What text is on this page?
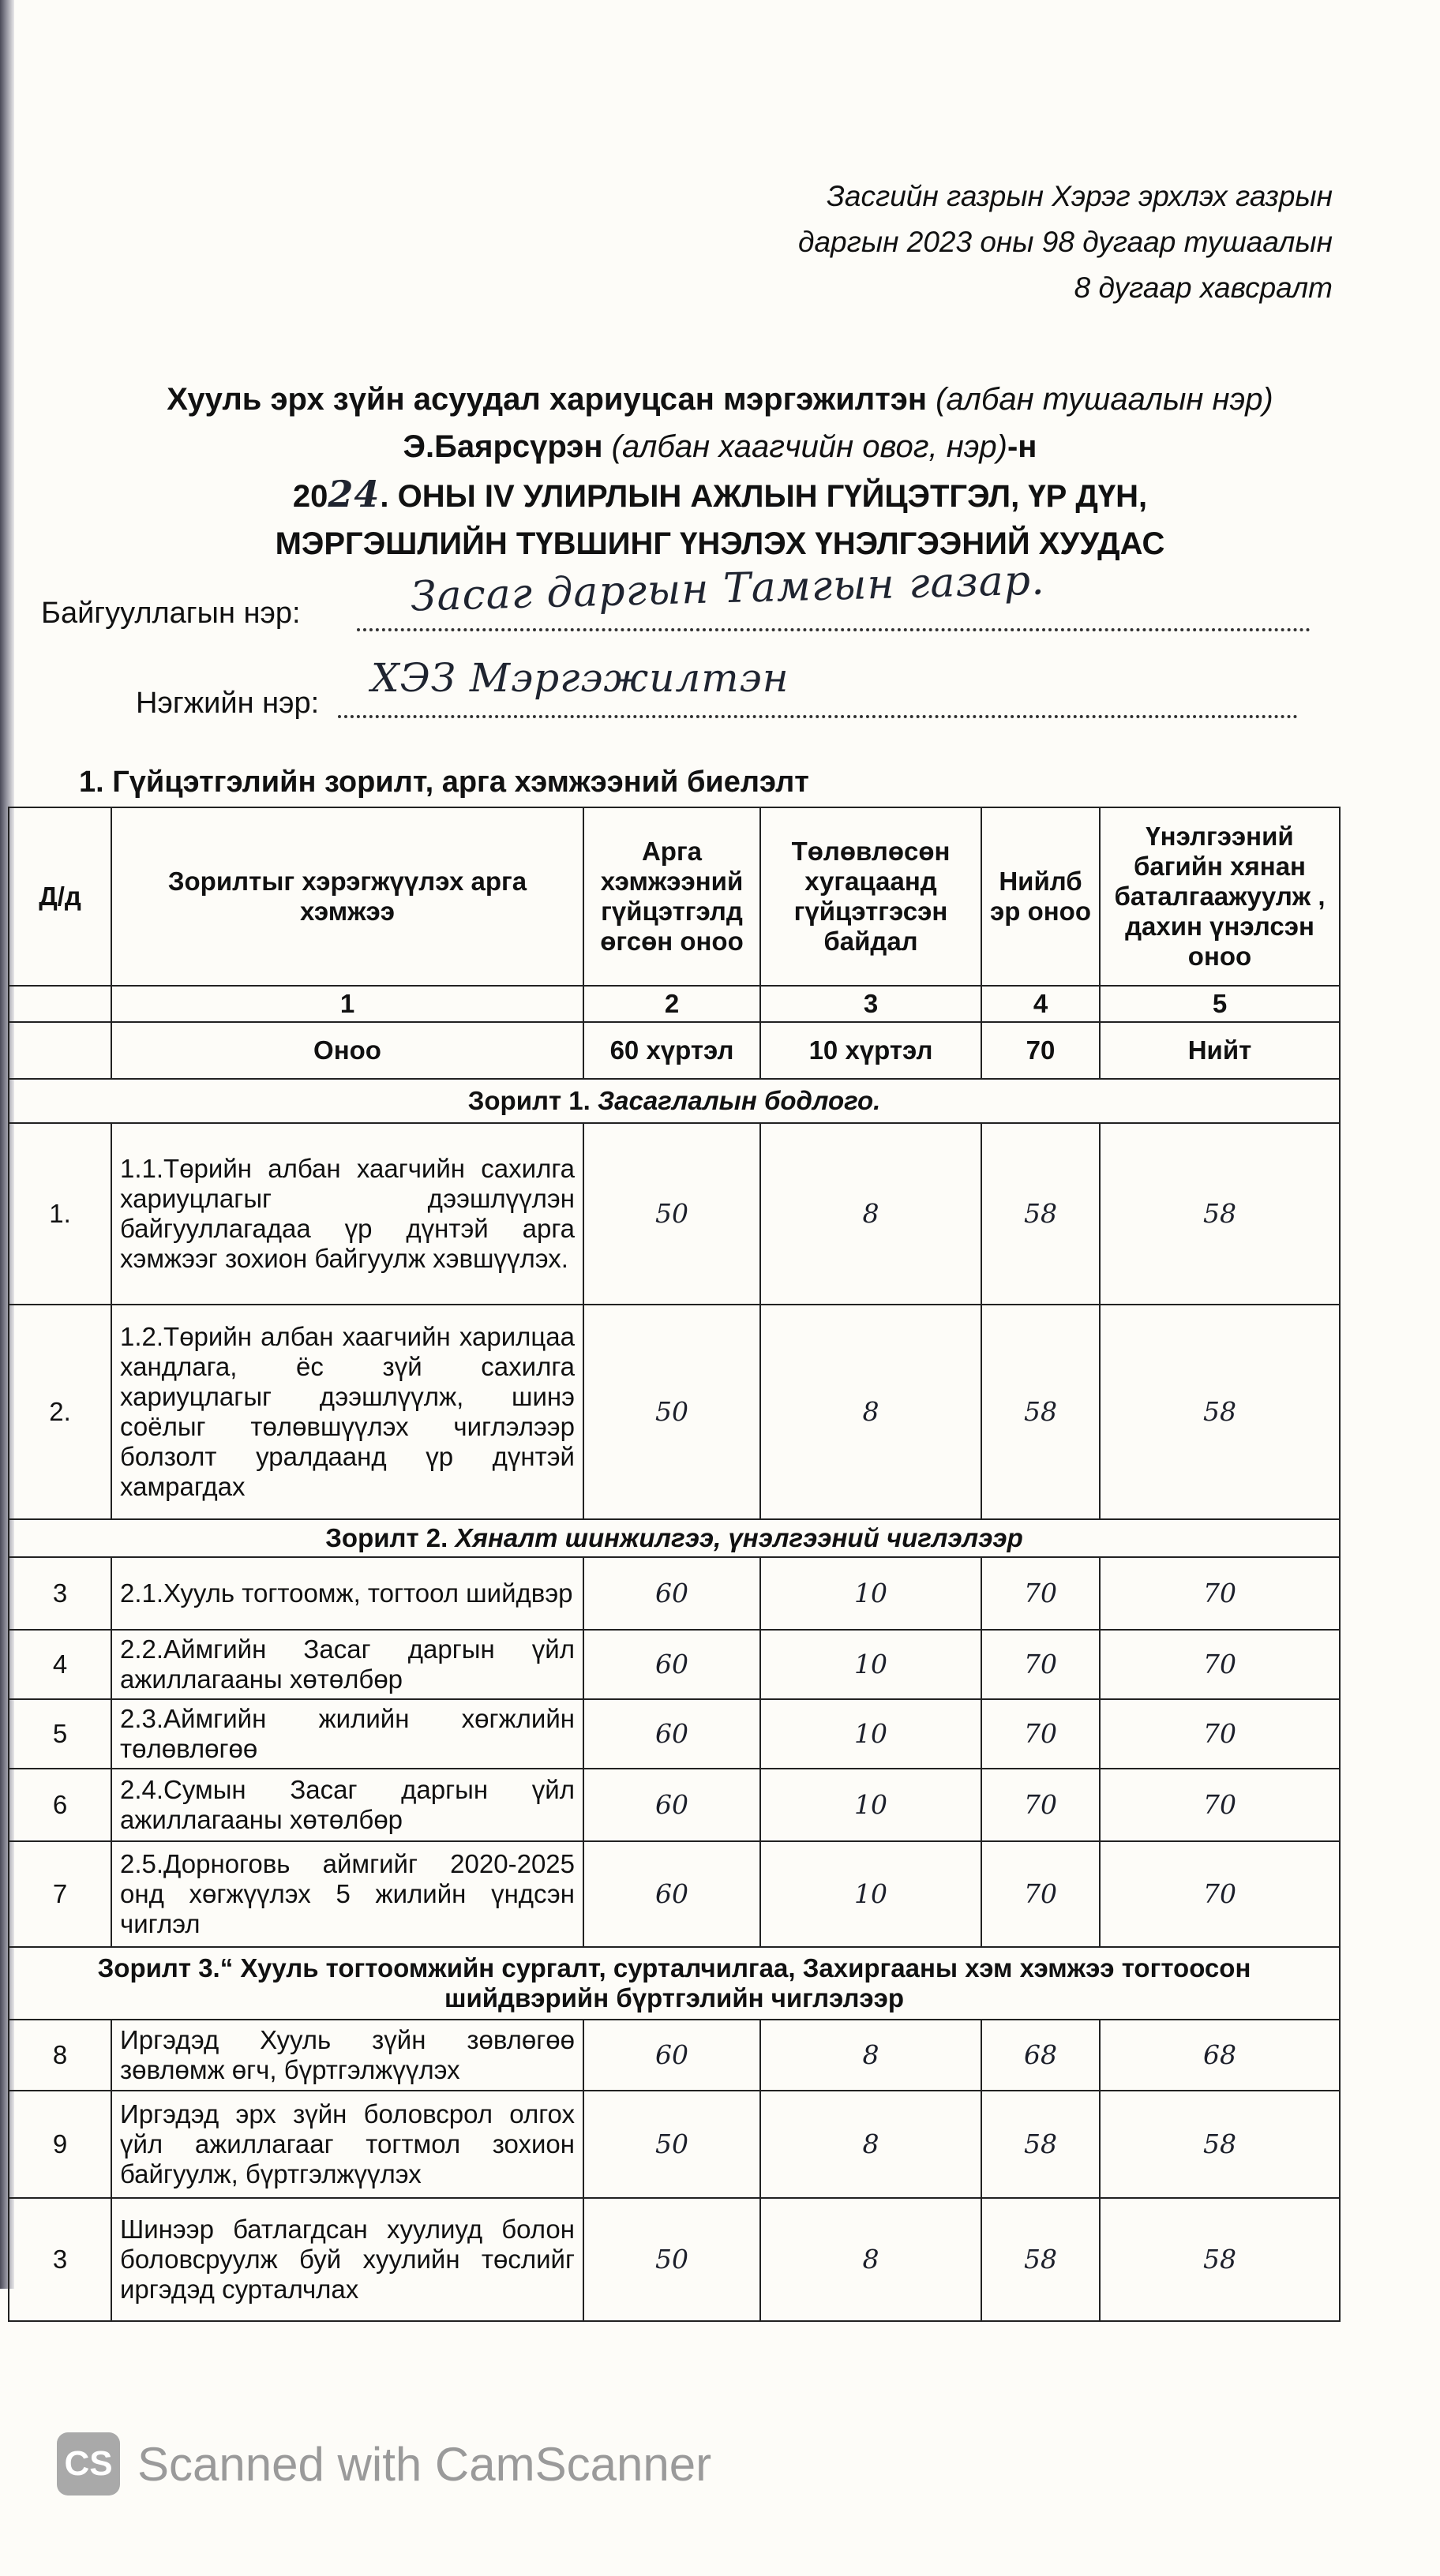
Засгийн газрын Хэрэг эрхлэх газрын
даргын 2023 оны 98 дугаар тушаалын
8 дугаар хавсралт
Хууль эрх зүйн асуудал хариуцсан мэргэжилтэн (албан тушаалын нэр)
Э.Баярсүрэн (албан хаагчийн овог, нэр)-н
2024. ОНЫ IV УЛИРЛЫН АЖЛЫН ГҮЙЦЭТГЭЛ, ҮР ДҮН,
МЭРГЭШЛИЙН ТҮВШИНГ ҮНЭЛЭХ ҮНЭЛГЭЭНИЙ ХУУДАС
Байгууллагын нэр:	Засаг даргын Тамгын газар.
Нэгжийн нэр:
ХЭЗ Мэргэжилтэн
1. Гүйцэтгэлийн зорилт, арга хэмжээний биелэлт
Д/д	Зорилтыг хэрэгжүүлэх арга хэмжээ	Арга хэмжээний гүйцэтгэлд өгсөн оноо	Төлөвлөсөн хугацаанд гүйцэтгэсэн байдал	Нийлб эр оноо	Үнэлгээний багийн хянан баталгаажуулж , дахин үнэлсэн оноо
	1	2	3	4	5
	Оноо	60 хүртэл	10 хүртэл	70	Нийт
Зорилт 1. Засаглалын бодлого.					
1.	1.1.Төрийн албан хаагчийн сахилга хариуцлагыг дээшлүүлэн байгууллагадаа үр дүнтэй арга хэмжээг зохион байгуулж хэвшүүлэх.	50	8	58	58
2.	1.2.Төрийн албан хаагчийн харилцаа хандлага, ёс зүй сахилга хариуцлагыг дээшлүүлж, шинэ соёлыг төлөвшүүлэх чиглэлээр болзолт уралдаанд үр дүнтэй хамрагдах	50	8	58	58
Зорилт 2. Хяналт шинжилгээ, үнэлгээний чиглэлээр					
3	2.1.Хууль тогтоомж, тогтоол шийдвэр	60	10	70	70
4	2.2.Аймгийн Засаг даргын үйл ажиллагааны хөтөлбөр	60	10	70	70
5	2.3.Аймгийн жилийн хөгжлийн төлөвлөгөө	60	10	70	70
6	2.4.Сумын Засаг даргын үйл ажиллагааны хөтөлбөр	60	10	70	70
7	2.5.Дорноговь аймгийг 2020-2025 онд хөгжүүлэх 5 жилийн үндсэн чиглэл	60	10	70	70
Зорилт 3.“ Хууль тогтоомжийн сургалт, сурталчилгаа, Захиргааны хэм хэмжээ тогтоосон шийдвэрийн бүртгэлийн чиглэлээр					
8	Иргэдэд Хууль зүйн зөвлөгөө зөвлөмж өгч, бүртгэлжүүлэх	60	8	68	68
9	Иргэдэд эрх зүйн боловсрол олгох үйл ажиллагааг тогтмол зохион байгуулж, бүртгэлжүүлэх	50	8	58	58
3	Шинээр батлагдсан хуулиуд болон боловсруулж буй хуулийн төслийг иргэдэд сурталчлах	50	8	58	58
CS Scanned with CamScanner
